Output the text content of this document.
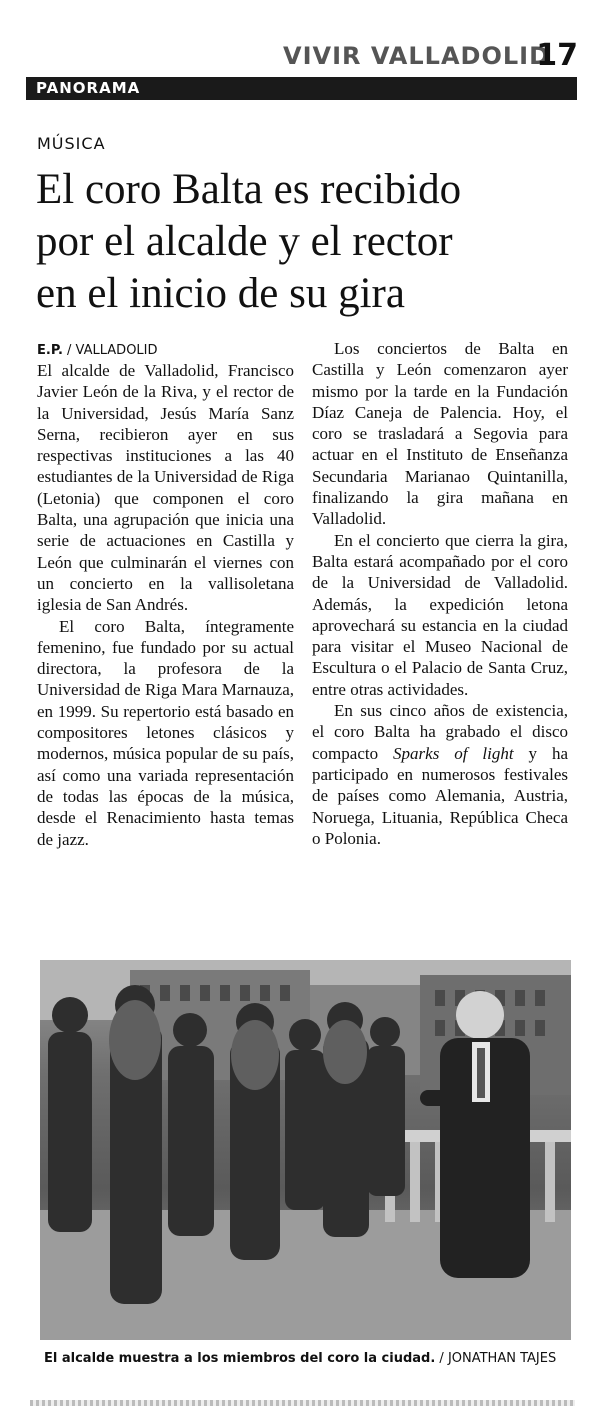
VIVIR VALLADOLID
17
PANORAMA
MÚSICA
El coro Balta es recibido
por el alcalde y el rector
en el inicio de su gira
E.P. / VALLADOLID

El alcalde de Valladolid, Francisco Javier León de la Riva, y el rector de la Universidad, Jesús María Sanz Serna, recibieron ayer en sus respectivas instituciones a las 40 estudiantes de la Universidad de Riga (Letonia) que componen el coro Balta, una agrupación que inicia una serie de actuaciones en Castilla y León que culminarán el viernes con un concierto en la vallisoletana iglesia de San Andrés.

El coro Balta, íntegramente femenino, fue fundado por su actual directora, la profesora de la Universidad de Riga Mara Marnauza, en 1999. Su repertorio está basado en compositores letones clásicos y modernos, música popular de su país, así como una variada representación de todas las épocas de la música, desde el Renacimiento hasta temas de jazz.

Los conciertos de Balta en Castilla y León comenzaron ayer mismo por la tarde en la Fundación Díaz Caneja de Palencia. Hoy, el coro se trasladará a Segovia para actuar en el Instituto de Enseñanza Secundaria Marianao Quintanilla, finalizando la gira mañana en Valladolid.

En el concierto que cierra la gira, Balta estará acompañado por el coro de la Universidad de Valladolid. Además, la expedición letona aprovechará su estancia en la ciudad para visitar el Museo Nacional de Escultura o el Palacio de Santa Cruz, entre otras actividades.

En sus cinco años de existencia, el coro Balta ha grabado el disco compacto Sparks of light y ha participado en numerosos festivales de países como Alemania, Austria, Noruega, Lituania, República Checa o Polonia.

El alcalde muestra a los miembros del coro la ciudad. / JONATHAN TAJES
